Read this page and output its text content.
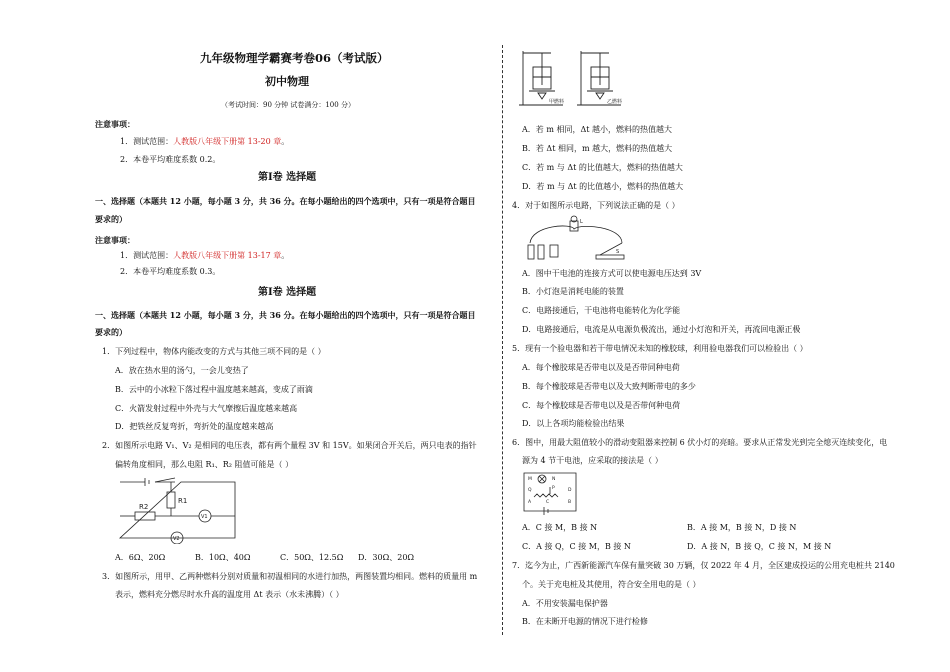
九年级物理学霸赛考卷06（考试版）
初中物理
（考试时间：90 分钟 试卷满分：100 分）
注意事项：
1．测试范围：人教版八年级下册第 13-20 章。
2．本卷平均难度系数 0.2。
第Ⅰ卷 选择题
一、选择题（本题共 12 小题，每小题 3 分，共 36 分。在每小题给出的四个选项中，只有一项是符合题目
要求的）
注意事项：
1．测试范围：人教版八年级下册第 13-17 章。
2．本卷平均难度系数 0.3。
第Ⅰ卷 选择题
一、选择题（本题共 12 小题，每小题 3 分，共 36 分。在每小题给出的四个选项中，只有一项是符合题目
要求的）
1．下列过程中，物体内能改变的方式与其他三项不同的是（ ）
A．放在热水里的汤勺，一会儿变热了
B．云中的小冰粒下落过程中温度越来越高，变成了雨滴
C．火箭发射过程中外壳与大气摩擦后温度越来越高
D．把铁丝反复弯折，弯折处的温度越来越高
2．如图所示电路 V₁、V₂ 是相同的电压表，都有两个量程 3V 和 15V。如果闭合开关后，两只电表的指针
偏转角度相同，那么电阻 R₁、R₂ 阻值可能是（ ）
R1
R2
V1
V2
A．6Ω、20Ω	B．10Ω、40Ω	C．50Ω、12.5Ω D．30Ω、20Ω
3．如图所示，用甲、乙两种燃料分别对质量和初温相同的水进行加热，两图装置均相同。燃料的质量用 m
表示，燃料充分燃尽时水升高的温度用 Δt 表示（水未沸腾）（ ）
甲燃料	乙燃料
A．若 m 相同，Δt 越小，燃料的热值越大
B．若 Δt 相同，m 越大，燃料的热值越大
C．若 m 与 Δt 的比值越大，燃料的热值越大
D．若 m 与 Δt 的比值越小，燃料的热值越大
4．对于如图所示电路，下列说法正确的是（ ）
L
S
A．图中干电池的连接方式可以使电源电压达到 3V
B．小灯泡是消耗电能的装置
C．电路接通后，干电池将电能转化为化学能
D．电路接通后，电流是从电源负极流出，通过小灯泡和开关，再流回电源正极
5．现有一个验电器和若干带电情况未知的橡胶球，利用验电器我们可以检验出（ ）
A．每个橡胶球是否带电以及是否带同种电荷
B．每个橡胶球是否带电以及大致判断带电的多少
C．每个橡胶球是否带电以及是否带何种电荷
D．以上各项均能检验出结果
6．图中，用最大阻值较小的滑动变阻器来控制 6 伏小灯的亮暗。要求从正常发光到完全熄灭连续变化，电
源为 4 节干电池，应采取的接法是（ ）
M	N
Q	D
P
A	C	B
A．C 接 M，B 接 N	B．A 接 M，B 接 N，D 接 N
C．A 接 Q，C 接 M，B 接 N	D．A 接 N，B 接 Q，C 接 N，M 接 N
7．迄今为止，广西新能源汽车保有量突破 30 万辆，仅 2022 年 4 月，全区建成投运的公用充电桩共 2140
个。关于充电桩及其使用，符合安全用电的是（ ）
A．不用安装漏电保护器
B．在未断开电源的情况下进行检修
